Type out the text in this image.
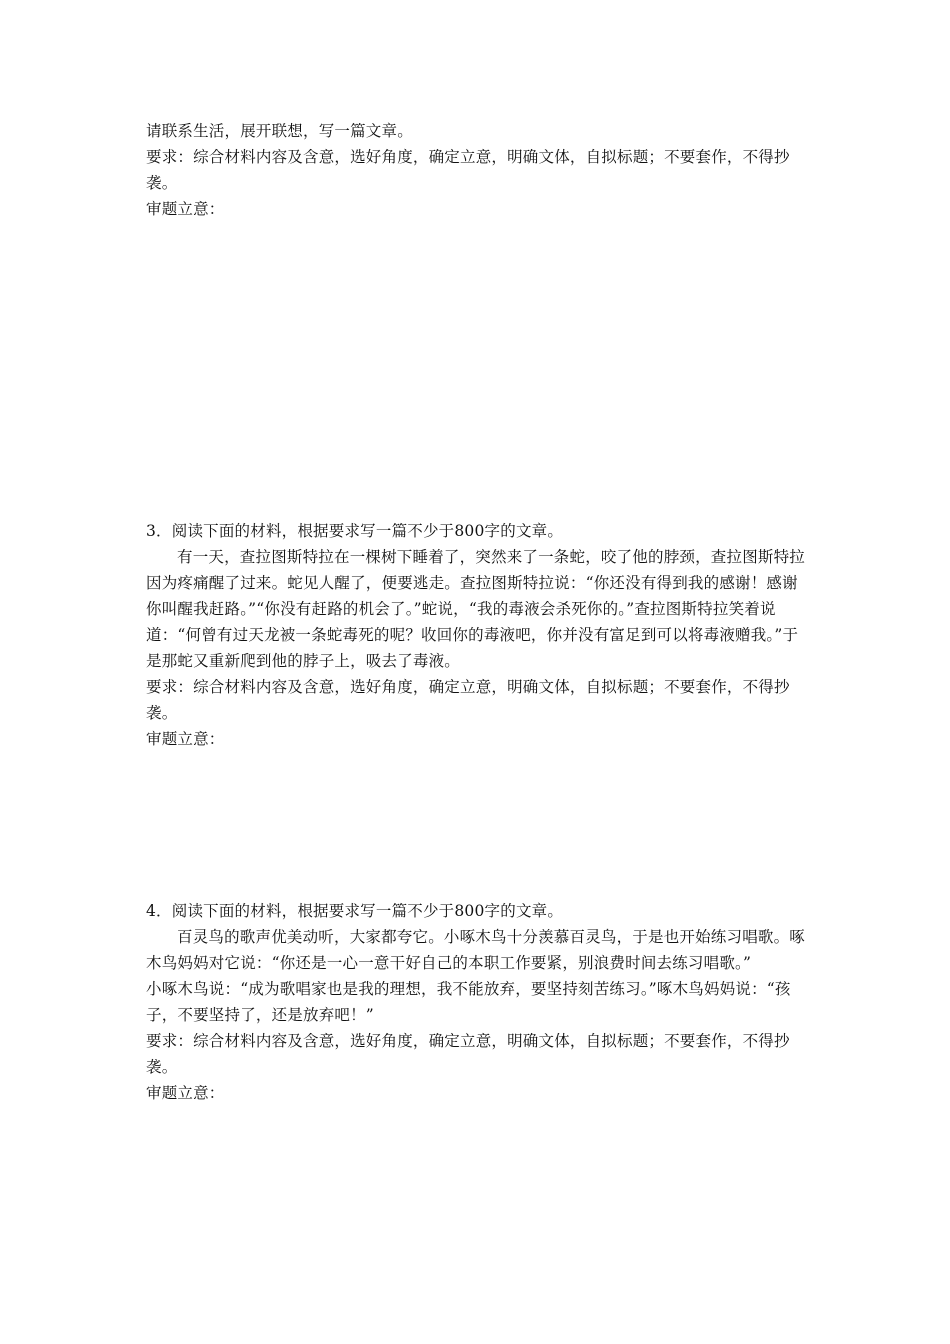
请联系生活，展开联想，写一篇文章。

要求：综合材料内容及含意，选好角度，确定立意，明确文体，自拟标题；不要套作，不得抄袭。

审题立意：

3．阅读下面的材料，根据要求写一篇不少于800字的文章。

有一天，查拉图斯特拉在一棵树下睡着了，突然来了一条蛇，咬了他的脖颈，查拉图斯特拉因为疼痛醒了过来。蛇见人醒了，便要逃走。查拉图斯特拉说：“你还没有得到我的感谢！感谢你叫醒我赶路。”“你没有赶路的机会了。”蛇说，“我的毒液会杀死你的。”查拉图斯特拉笑着说道：“何曾有过天龙被一条蛇毒死的呢？收回你的毒液吧，你并没有富足到可以将毒液赠我。”于是那蛇又重新爬到他的脖子上，吸去了毒液。

要求：综合材料内容及含意，选好角度，确定立意，明确文体，自拟标题；不要套作，不得抄袭。

审题立意：

4．阅读下面的材料，根据要求写一篇不少于800字的文章。

百灵鸟的歌声优美动听，大家都夸它。小啄木鸟十分羡慕百灵鸟，于是也开始练习唱歌。啄木鸟妈妈对它说：“你还是一心一意干好自己的本职工作要紧，别浪费时间去练习唱歌。”

小啄木鸟说：“成为歌唱家也是我的理想，我不能放弃，要坚持刻苦练习。”啄木鸟妈妈说：“孩子，不要坚持了，还是放弃吧！”

要求：综合材料内容及含意，选好角度，确定立意，明确文体，自拟标题；不要套作，不得抄袭。

审题立意：
